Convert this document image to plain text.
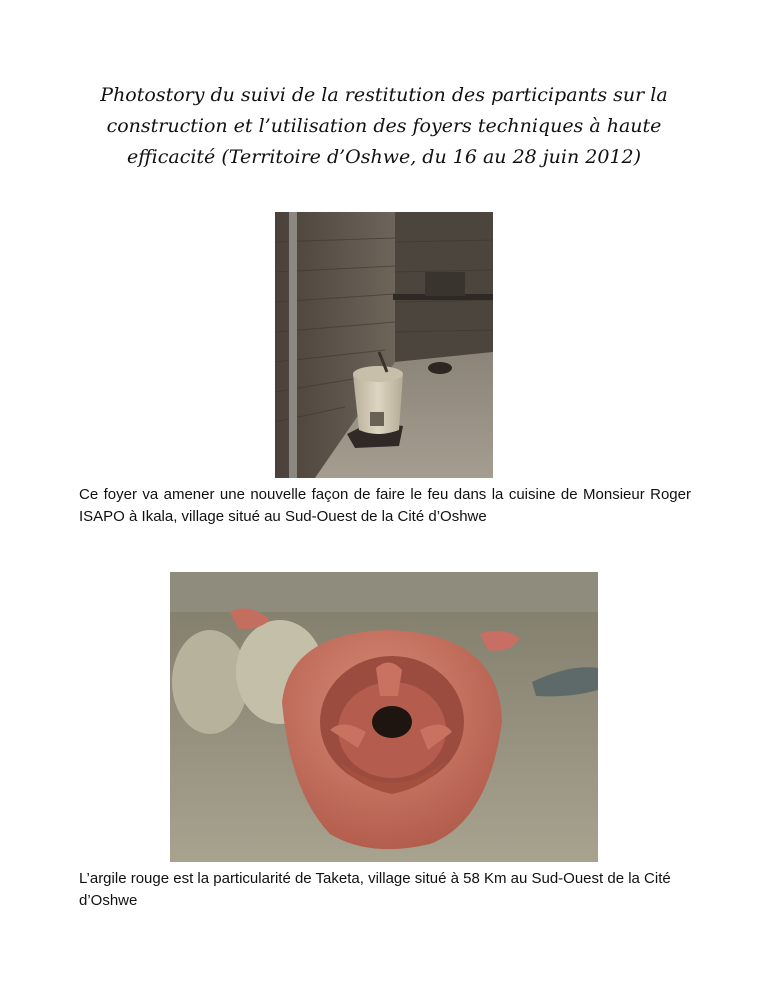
Photostory du suivi de la restitution des participants sur la construction et l’utilisation des foyers techniques à haute efficacité (Territoire d’Oshwe, du 16 au 28 juin 2012)
Ce foyer va amener une nouvelle façon de faire le feu dans la cuisine de Monsieur Roger ISAPO à Ikala, village situé au Sud-Ouest de la Cité d’Oshwe
L’argile rouge est la particularité de Taketa, village situé à 58 Km au Sud-Ouest de la Cité d’Oshwe
